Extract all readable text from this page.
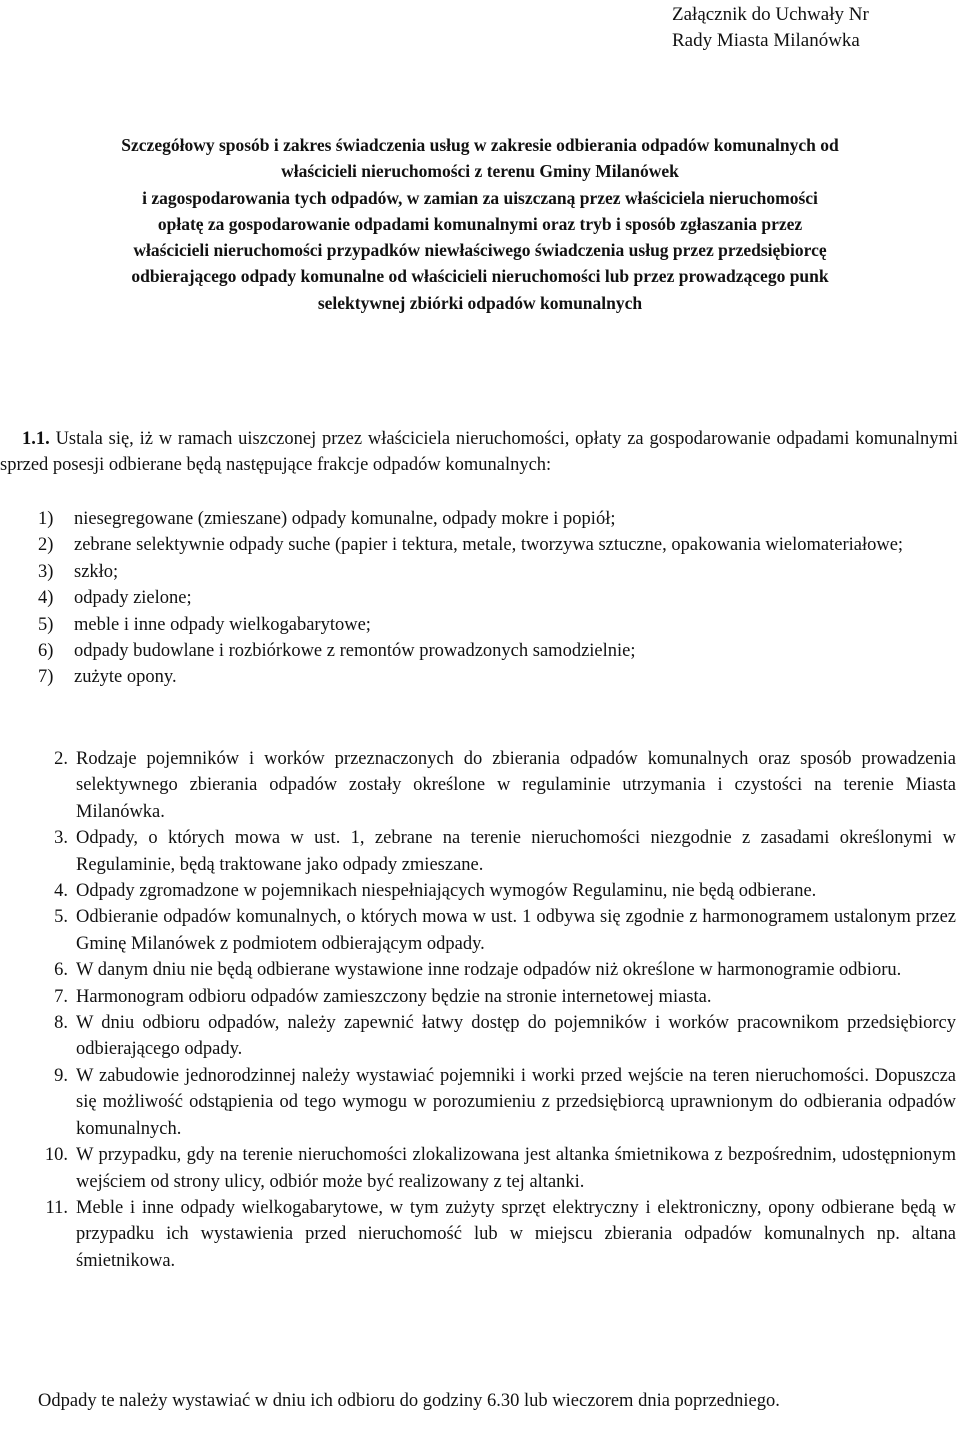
Załącznik do Uchwały Nr
Rady Miasta Milanówka
Szczegółowy sposób i zakres świadczenia usług w zakresie odbierania odpadów komunalnych od
właścicieli nieruchomości z terenu Gminy Milanówek
i zagospodarowania tych odpadów, w zamian za uiszczaną przez właściciela nieruchomości
opłatę za gospodarowanie odpadami komunalnymi oraz tryb i sposób zgłaszania przez
właścicieli nieruchomości przypadków niewłaściwego świadczenia usług przez przedsiębiorcę
odbierającego odpady komunalne od właścicieli nieruchomości lub przez prowadzącego punk
selektywnej zbiórki odpadów komunalnych
1.1. Ustala się, iż w ramach uiszczonej przez właściciela nieruchomości, opłaty za gospodarowanie odpadami komunalnymi sprzed posesji odbierane będą następujące frakcje odpadów komunalnych:
1)	niesegregowane (zmieszane) odpady komunalne, odpady mokre i popiół;
2)	zebrane selektywnie odpady suche (papier i tektura, metale, tworzywa sztuczne, opakowania wielomateriałowe;
3)	szkło;
4)	odpady zielone;
5)	meble i inne odpady wielkogabarytowe;
6)	odpady budowlane i rozbiórkowe z remontów prowadzonych samodzielnie;
7)	zużyte opony.
2. Rodzaje pojemników i worków przeznaczonych do zbierania odpadów komunalnych oraz sposób prowadzenia selektywnego zbierania odpadów zostały określone w regulaminie utrzymania i czystości na terenie Miasta Milanówka.
3. Odpady, o których mowa w ust. 1, zebrane na terenie nieruchomości niezgodnie z zasadami określonymi w Regulaminie, będą traktowane jako odpady zmieszane.
4. Odpady zgromadzone w pojemnikach niespełniających wymogów Regulaminu, nie będą odbierane.
5. Odbieranie odpadów komunalnych, o których mowa w ust. 1 odbywa się zgodnie z harmonogramem ustalonym przez Gminę Milanówek z podmiotem odbierającym odpady.
6. W danym dniu nie będą odbierane wystawione inne rodzaje odpadów niż określone w harmonogramie odbioru.
7. Harmonogram odbioru odpadów zamieszczony będzie na stronie internetowej miasta.
8. W dniu odbioru odpadów, należy zapewnić łatwy dostęp do pojemników i worków pracownikom przedsiębiorcy odbierającego odpady.
9. W zabudowie jednorodzinnej należy wystawiać pojemniki i worki przed wejście na teren nieruchomości. Dopuszcza się możliwość odstąpienia od tego wymogu w porozumieniu z przedsiębiorcą uprawnionym do odbierania odpadów komunalnych.
10. W przypadku, gdy na terenie nieruchomości zlokalizowana jest altanka śmietnikowa z bezpośrednim, udostępnionym wejściem od strony ulicy, odbiór może być realizowany z tej altanki.
11. Meble i inne odpady wielkogabarytowe, w tym zużyty sprzęt elektryczny i elektroniczny, opony odbierane będą w przypadku ich wystawienia przed nieruchomość lub w miejscu zbierania odpadów komunalnych np. altana śmietnikowa.
Odpady te należy wystawiać w dniu ich odbioru do godziny 6.30 lub wieczorem dnia poprzedniego.
